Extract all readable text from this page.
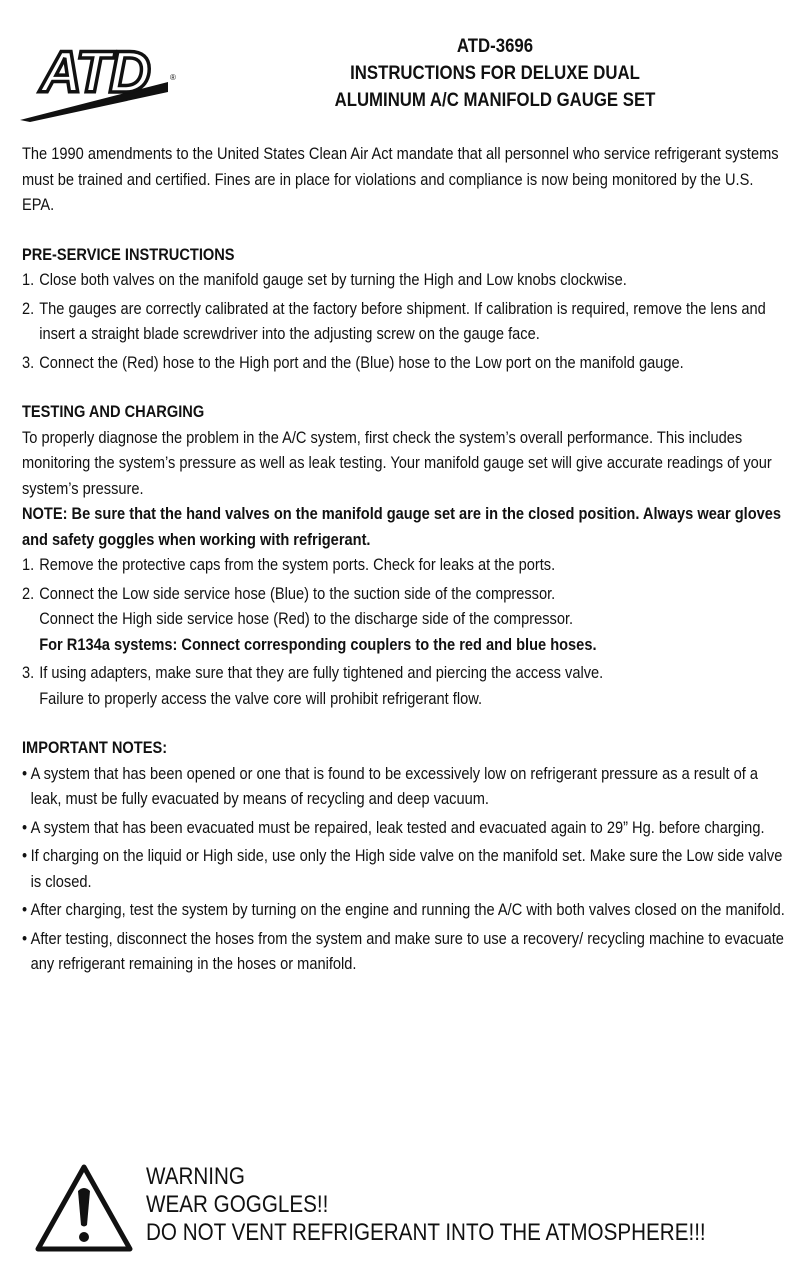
ATD	®
ATD-3696
INSTRUCTIONS FOR DELUXE DUAL
ALUMINUM A/C MANIFOLD GAUGE SET

The 1990 amendments to the United States Clean Air Act mandate that all personnel who service refrigerant systems must be trained and certified. Fines are in place for violations and compliance is now being monitored by the U.S. EPA.

PRE-SERVICE INSTRUCTIONS

1. Close both valves on the manifold gauge set by turning the High and Low knobs clockwise.
2. The gauges are correctly calibrated at the factory before shipment. If calibration is required, remove the lens and insert a straight blade screwdriver into the adjusting screw on the gauge face.
3. Connect the (Red) hose to the High port and the (Blue) hose to the Low port on the manifold gauge.

TESTING AND CHARGING

To properly diagnose the problem in the A/C system, first check the system’s overall performance. This includes monitoring the system’s pressure as well as leak testing. Your manifold gauge set will give accurate readings of your system’s pressure.

NOTE: Be sure that the hand valves on the manifold gauge set are in the closed position. Always wear gloves and safety goggles when working with refrigerant.

1. Remove the protective caps from the system ports. Check for leaks at the ports.
2. Connect the Low side service hose (Blue) to the suction side of the compressor.
Connect the High side service hose (Red) to the discharge side of the compressor.
For R134a systems: Connect corresponding couplers to the red and blue hoses.
3. If using adapters, make sure that they are fully tightened and piercing the access valve.
Failure to properly access the valve core will prohibit refrigerant flow.

IMPORTANT NOTES:

• A system that has been opened or one that is found to be excessively low on refrigerant pressure as a result of a leak, must be fully evacuated by means of recycling and deep vacuum.
• A system that has been evacuated must be repaired, leak tested and evacuated again to 29” Hg. before charging.
• If charging on the liquid or High side, use only the High side valve on the manifold set. Make sure the Low side valve is closed.
• After charging, test the system by turning on the engine and running the A/C with both valves closed on the manifold.
• After testing, disconnect the hoses from the system and make sure to use a recovery/ recycling machine to evacuate any refrigerant remaining in the hoses or manifold.
WARNING
WEAR GOGGLES!!
DO NOT VENT REFRIGERANT INTO THE ATMOSPHERE!!!
